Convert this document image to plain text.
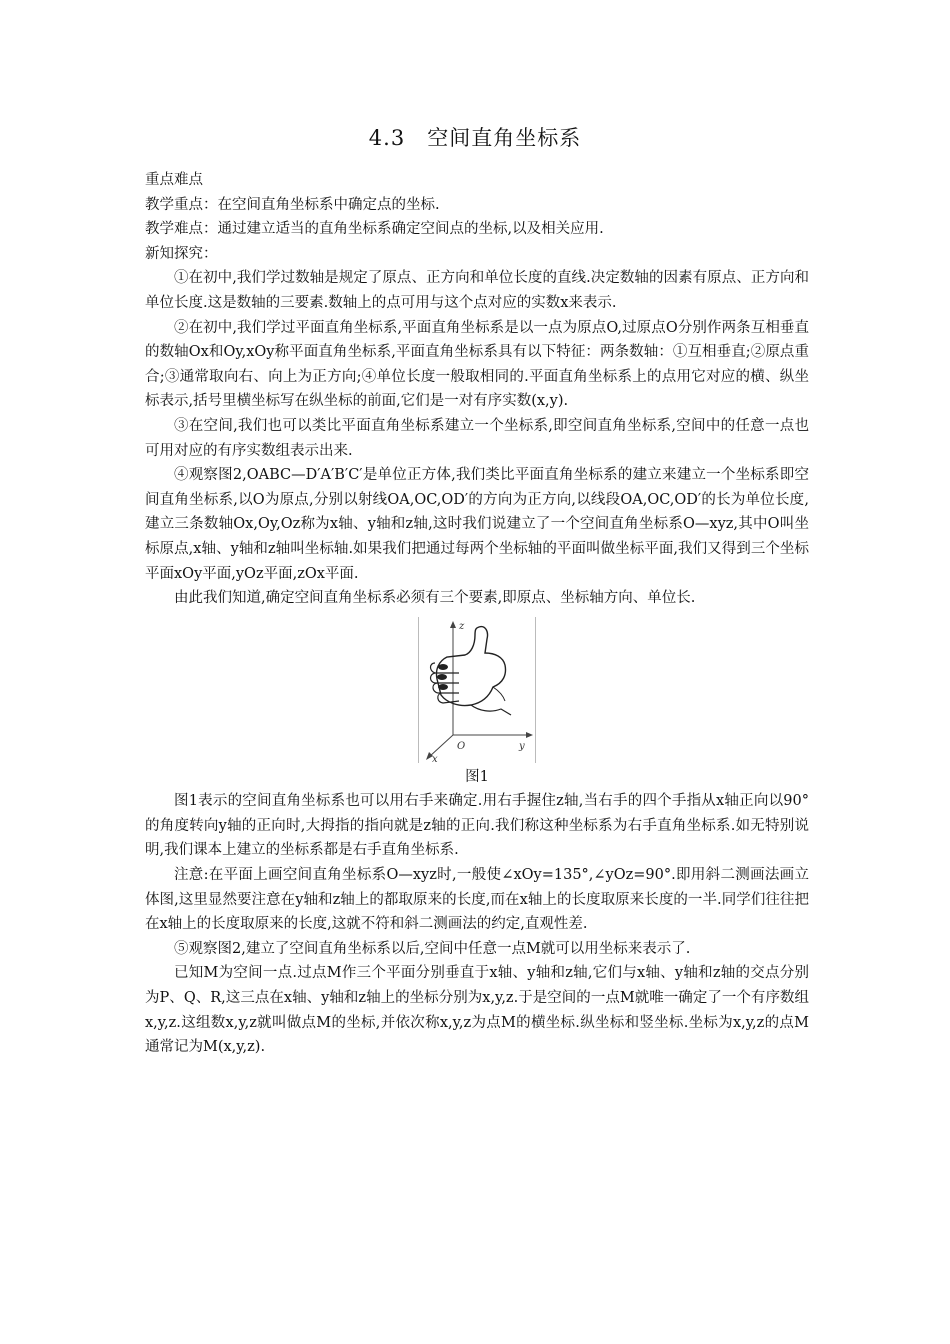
4.3　空间直角坐标系

重点难点

教学重点：在空间直角坐标系中确定点的坐标.

教学难点：通过建立适当的直角坐标系确定空间点的坐标,以及相关应用.

新知探究：

①在初中,我们学过数轴是规定了原点、正方向和单位长度的直线.决定数轴的因素有原点、正方向和单位长度.这是数轴的三要素.数轴上的点可用与这个点对应的实数x来表示.

②在初中,我们学过平面直角坐标系,平面直角坐标系是以一点为原点O,过原点O分别作两条互相垂直的数轴Ox和Oy,xOy称平面直角坐标系,平面直角坐标系具有以下特征：两条数轴：①互相垂直;②原点重合;③通常取向右、向上为正方向;④单位长度一般取相同的.平面直角坐标系上的点用它对应的横、纵坐标表示,括号里横坐标写在纵坐标的前面,它们是一对有序实数(x,y).

③在空间,我们也可以类比平面直角坐标系建立一个坐标系,即空间直角坐标系,空间中的任意一点也可用对应的有序实数组表示出来.

④观察图2,OABC—D′A′B′C′是单位正方体,我们类比平面直角坐标系的建立来建立一个坐标系即空间直角坐标系,以O为原点,分别以射线OA,OC,OD′的方向为正方向,以线段OA,OC,OD′的长为单位长度,建立三条数轴Ox,Oy,Oz称为x轴、y轴和z轴,这时我们说建立了一个空间直角坐标系O—xyz,其中O叫坐标原点,x轴、y轴和z轴叫坐标轴.如果我们把通过每两个坐标轴的平面叫做坐标平面,我们又得到三个坐标平面xOy平面,yOz平面,zOx平面.

由此我们知道,确定空间直角坐标系必须有三个要素,即原点、坐标轴方向、单位长.

z
O	y
x

图1

图1表示的空间直角坐标系也可以用右手来确定.用右手握住z轴,当右手的四个手指从x轴正向以90°的角度转向y轴的正向时,大拇指的指向就是z轴的正向.我们称这种坐标系为右手直角坐标系.如无特别说明,我们课本上建立的坐标系都是右手直角坐标系.

注意:在平面上画空间直角坐标系O—xyz时,一般使∠xOy=135°,∠yOz=90°.即用斜二测画法画立体图,这里显然要注意在y轴和z轴上的都取原来的长度,而在x轴上的长度取原来长度的一半.同学们往往把在x轴上的长度取原来的长度,这就不符和斜二测画法的约定,直观性差.

⑤观察图2,建立了空间直角坐标系以后,空间中任意一点M就可以用坐标来表示了.

已知M为空间一点.过点M作三个平面分别垂直于x轴、y轴和z轴,它们与x轴、y轴和z轴的交点分别为P、Q、R,这三点在x轴、y轴和z轴上的坐标分别为x,y,z.于是空间的一点M就唯一确定了一个有序数组x,y,z.这组数x,y,z就叫做点M的坐标,并依次称x,y,z为点M的横坐标.纵坐标和竖坐标.坐标为x,y,z的点M通常记为M(x,y,z).
